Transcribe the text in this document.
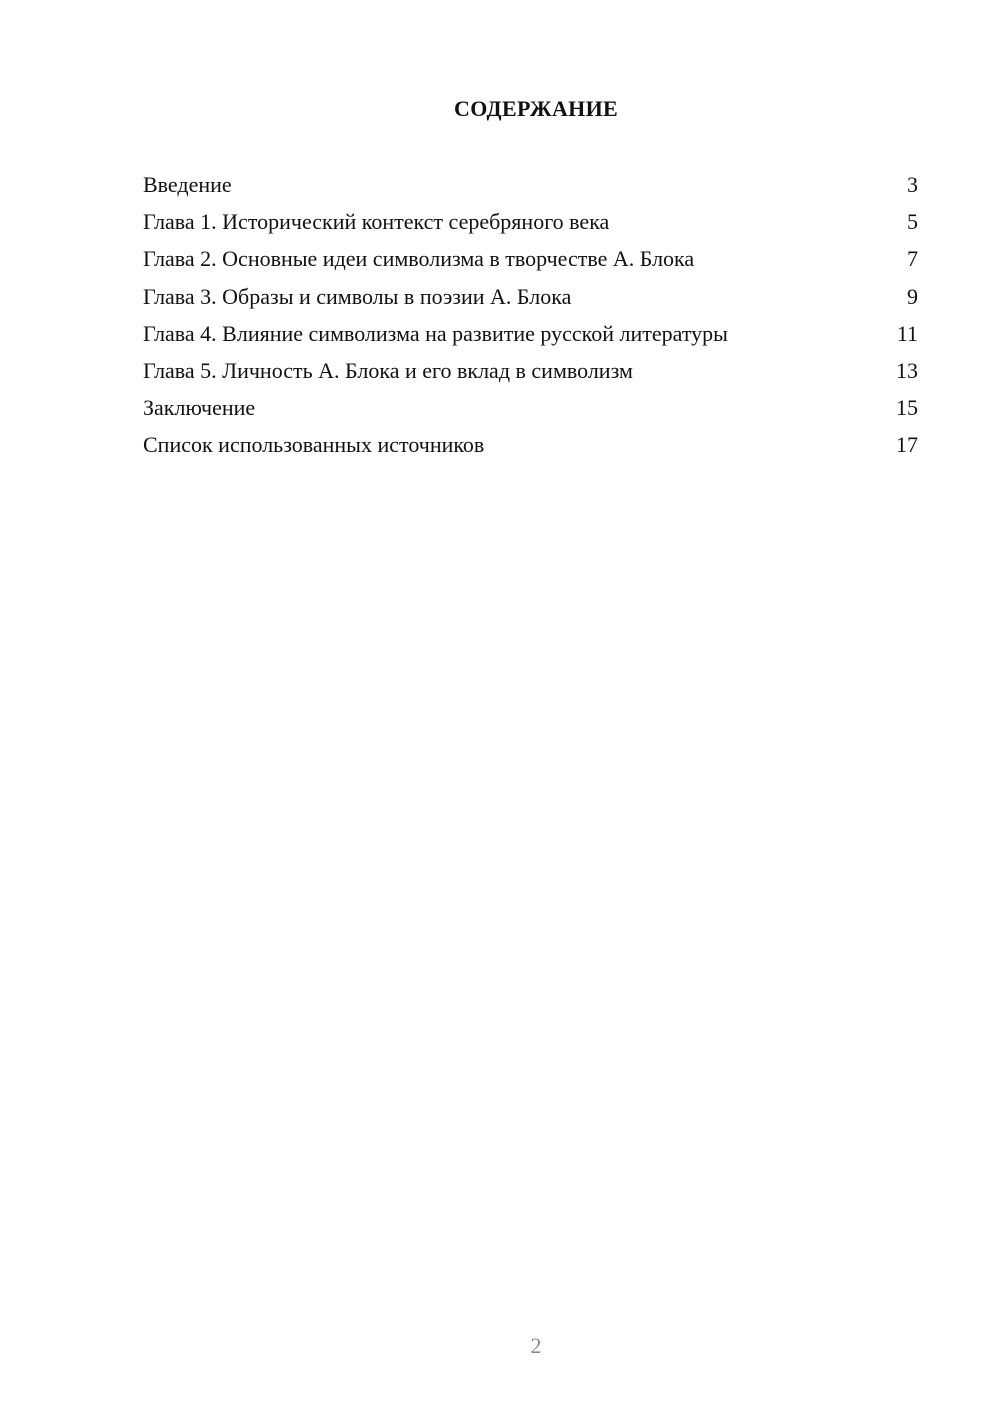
СОДЕРЖАНИЕ
Введение	3
Глава 1. Исторический контекст серебряного века	5
Глава 2. Основные идеи символизма в творчестве А. Блока	7
Глава 3. Образы и символы в поэзии А. Блока	9
Глава 4. Влияние символизма на развитие русской литературы	11
Глава 5. Личность А. Блока и его вклад в символизм	13
Заключение	15
Список использованных источников	17
2
